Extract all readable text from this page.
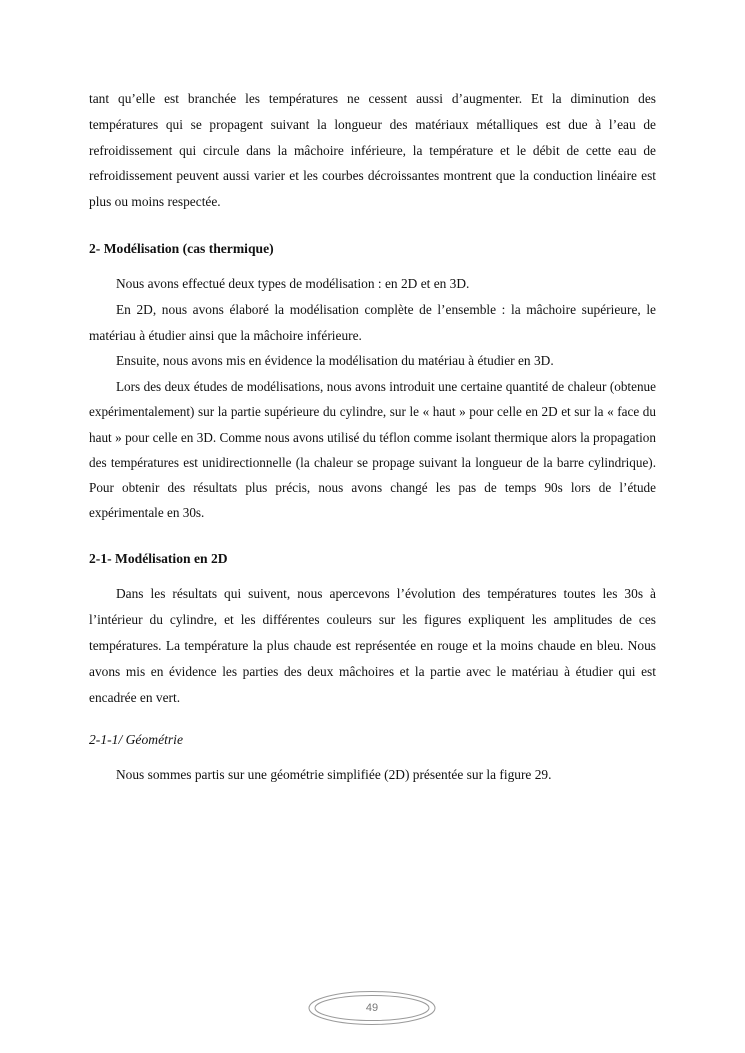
tant qu’elle est branchée les températures ne cessent aussi d’augmenter. Et la diminution des températures qui se propagent suivant la longueur des matériaux métalliques est due à l’eau de refroidissement qui circule dans la mâchoire inférieure, la température et le débit de cette eau de refroidissement peuvent aussi varier et les courbes décroissantes montrent que la conduction linéaire est plus ou moins respectée.

2- Modélisation (cas thermique)

Nous avons effectué deux types de modélisation : en 2D et en 3D.

En 2D, nous avons élaboré la modélisation complète de l’ensemble : la mâchoire supérieure, le matériau à étudier ainsi que la mâchoire inférieure.

Ensuite, nous avons mis en évidence la modélisation du matériau à étudier en 3D.

Lors des deux études de modélisations, nous avons introduit une certaine quantité de chaleur (obtenue expérimentalement) sur la partie supérieure du cylindre, sur le « haut » pour celle en 2D et sur la « face du haut » pour celle en 3D. Comme nous avons utilisé du téflon comme isolant thermique alors la propagation des températures est unidirectionnelle (la chaleur se propage suivant la longueur de la barre cylindrique). Pour obtenir des résultats plus précis, nous avons changé les pas de temps 90s lors de l’étude expérimentale en 30s.

2-1- Modélisation en 2D

Dans les résultats qui suivent, nous apercevons l’évolution des températures toutes les 30s à l’intérieur du cylindre, et les différentes couleurs sur les figures expliquent les amplitudes de ces températures. La température la plus chaude est représentée en rouge et la moins chaude en bleu. Nous avons mis en évidence les parties des deux mâchoires et la partie avec le matériau à étudier qui est encadrée en vert.

2-1-1/ Géométrie

Nous sommes partis sur une géométrie simplifiée (2D) présentée sur la figure 29.

49
